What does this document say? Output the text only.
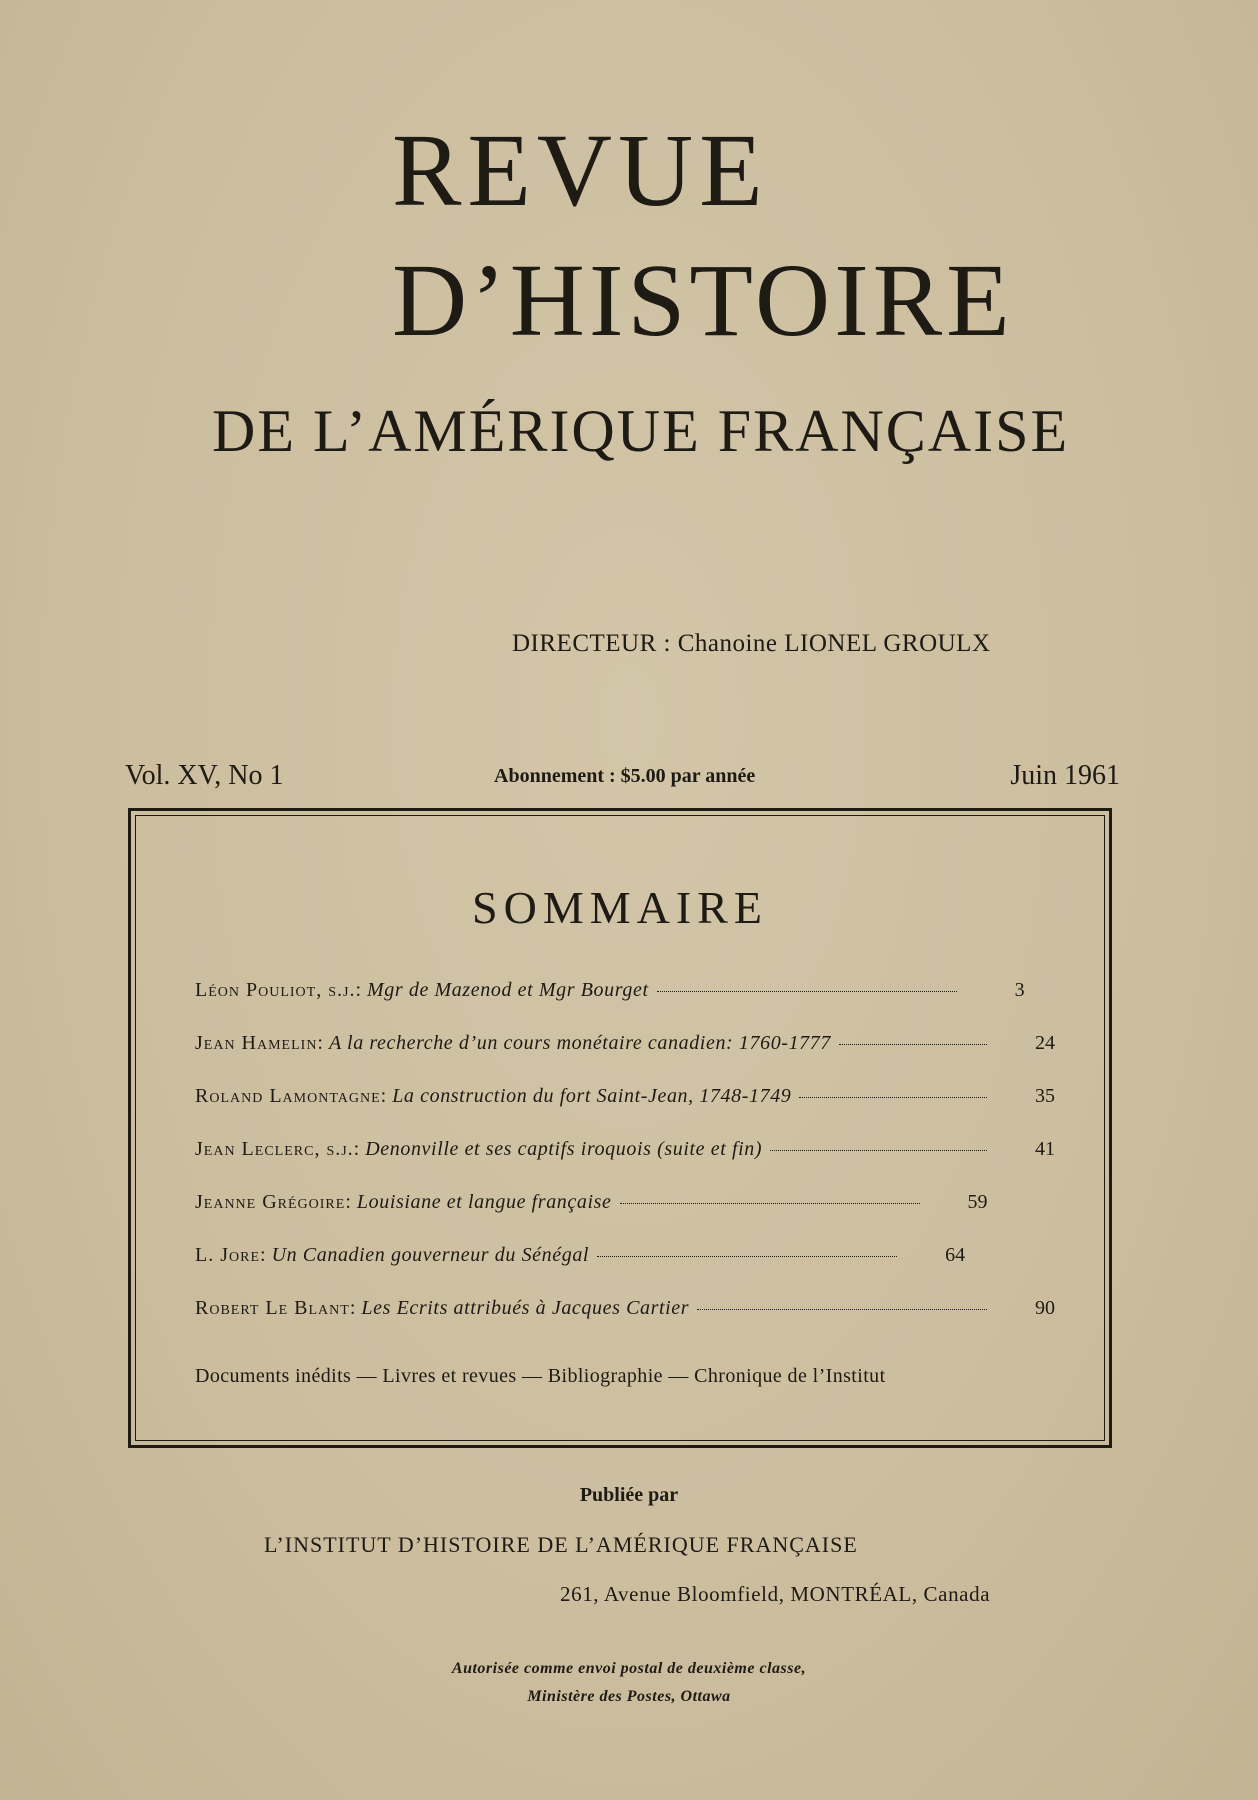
REVUE
D’HISTOIRE
DE L’AMÉRIQUE FRANÇAISE
DIRECTEUR : Chanoine LIONEL GROULX
Vol. XV, No 1	Abonnement : $5.00 par année	Juin 1961
SOMMAIRE
Léon Pouliot, s.j.:
Mgr de Mazenod et Mgr Bourget	3
Jean Hamelin:
A la recherche d’un cours monétaire canadien: 1760-1777	24
Roland Lamontagne:
La construction du fort Saint-Jean, 1748-1749	35
Jean Leclerc, s.j.:
Denonville et ses captifs iroquois (suite et fin)	41
Jeanne Grégoire:
Louisiane et langue française	59
L. Jore:
Un Canadien gouverneur du Sénégal	64
Robert Le Blant:
Les Ecrits attribués à Jacques Cartier	90
Documents inédits — Livres et revues — Bibliographie — Chronique de l’Institut
Publiée par
L’INSTITUT D’HISTOIRE DE L’AMÉRIQUE FRANÇAISE
261, Avenue Bloomfield, MONTRÉAL, Canada
Autorisée comme envoi postal de deuxième classe,
Ministère des Postes, Ottawa
